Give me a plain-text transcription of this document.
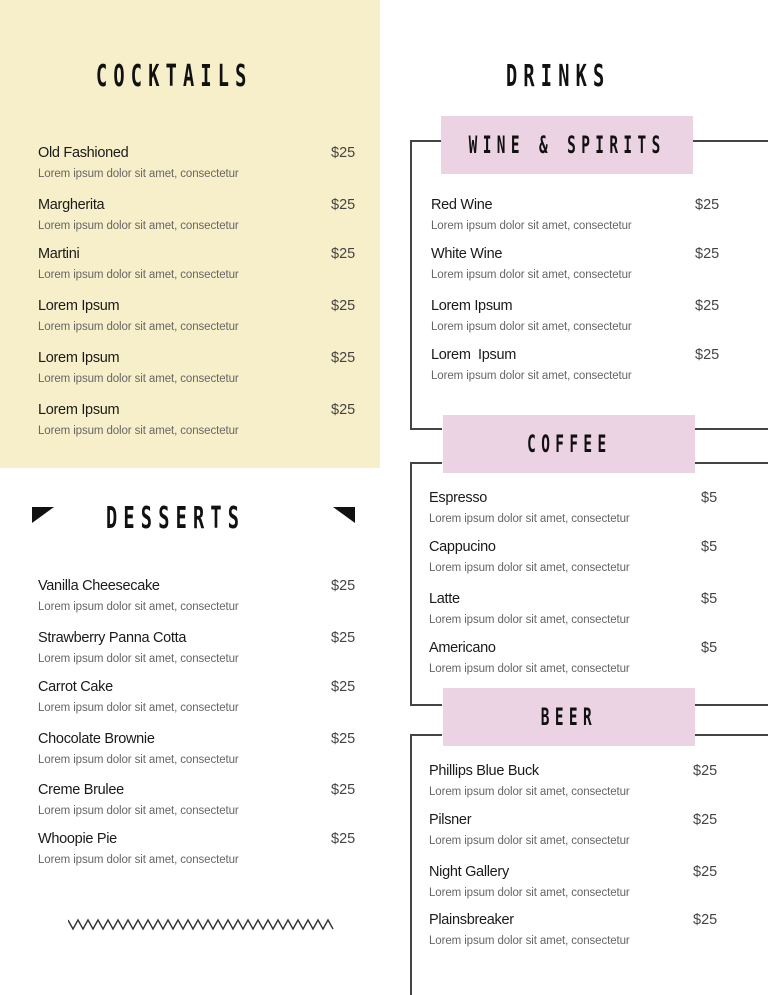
COCKTAILS
Old Fashioned	$25
Lorem ipsum dolor sit amet, consectetur
Margherita	$25
Lorem ipsum dolor sit amet, consectetur
Martini	$25
Lorem ipsum dolor sit amet, consectetur
Lorem Ipsum	$25
Lorem ipsum dolor sit amet, consectetur
Lorem Ipsum	$25
Lorem ipsum dolor sit amet, consectetur
Lorem Ipsum	$25
Lorem ipsum dolor sit amet, consectetur
DESSERTS
Vanilla Cheesecake	$25
Lorem ipsum dolor sit amet, consectetur
Strawberry Panna Cotta	$25
Lorem ipsum dolor sit amet, consectetur
Carrot Cake	$25
Lorem ipsum dolor sit amet, consectetur
Chocolate Brownie	$25
Lorem ipsum dolor sit amet, consectetur
Creme Brulee	$25
Lorem ipsum dolor sit amet, consectetur
Whoopie Pie	$25
Lorem ipsum dolor sit amet, consectetur
DRINKS
WINE & SPIRITS
COFFEE
BEER
Red Wine	$25
Lorem ipsum dolor sit amet, consectetur
White Wine	$25
Lorem ipsum dolor sit amet, consectetur
Lorem Ipsum	$25
Lorem ipsum dolor sit amet, consectetur
Lorem  Ipsum	$25
Lorem ipsum dolor sit amet, consectetur
Espresso	$5
Lorem ipsum dolor sit amet, consectetur
Cappucino	$5
Lorem ipsum dolor sit amet, consectetur
Latte	$5
Lorem ipsum dolor sit amet, consectetur
Americano	$5
Lorem ipsum dolor sit amet, consectetur
Phillips Blue Buck	$25
Lorem ipsum dolor sit amet, consectetur
Pilsner	$25
Lorem ipsum dolor sit amet, consectetur
Night Gallery	$25
Lorem ipsum dolor sit amet, consectetur
Plainsbreaker	$25
Lorem ipsum dolor sit amet, consectetur
